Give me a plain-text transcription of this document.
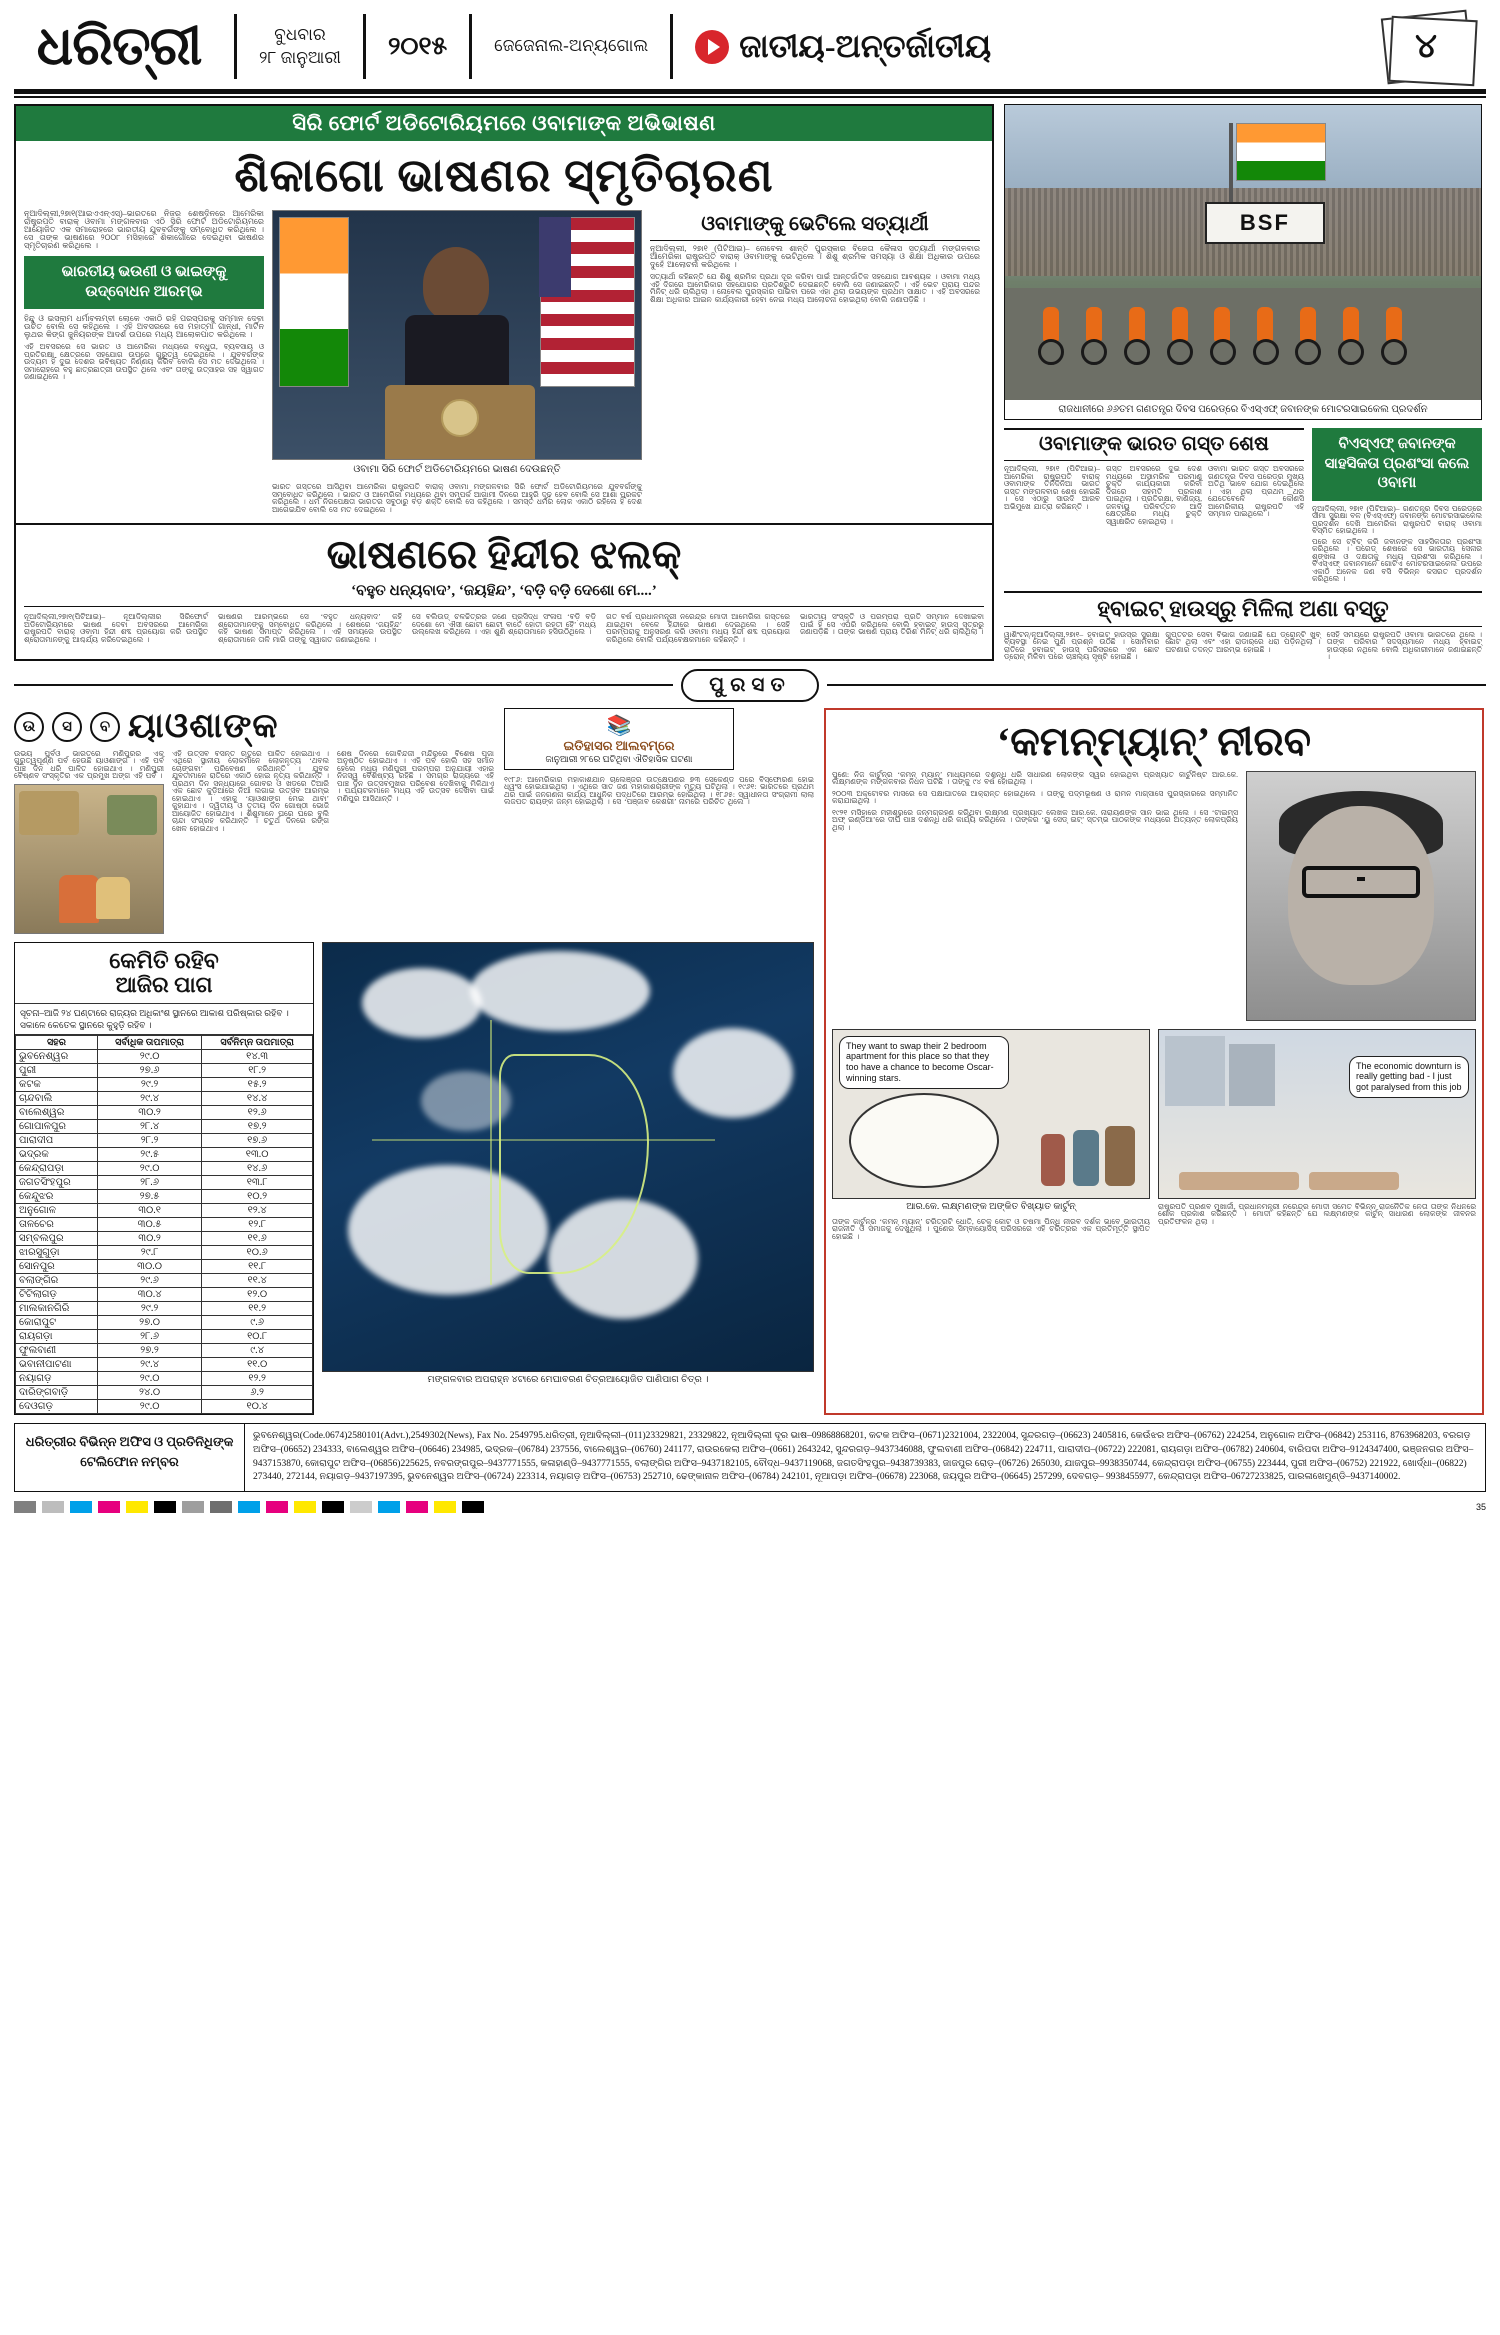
ଧରିତ୍ରୀ	ବୁଧବାର
୨୮ ଜାନୁଆରୀ ୨୦୧୫	ଜେଜେନାଲ-ଅନ୍ୟଗୋଲ	ଜାତୀୟ-ଅନ୍ତର୍ଜାତୀୟ	୪
ସିରି ଫୋର୍ଟ ଅଡିଟୋରିୟମରେ ଓବାମାଙ୍କ ଅଭିଭାଷଣ
ଶିକାଗୋ ଭାଷଣର ସ୍ମୃତିଚାରଣ
ନୂଆଦିଲ୍ଲୀ,୨୭ା୧(ଆଇଏଏନ୍ଏସ୍)–ଭାରତରେ ନିଜର ଶେଷଦିନରେ ଆମେରିକା ରାଷ୍ଟ୍ରପତି ବାରାକ୍ ଓବାମା ମଙ୍ଗଳବାର ଏଠି ସିରି ଫୋର୍ଟ ଅଡିଟୋରିୟମରେ ଆୟୋଜିତ ଏକ ସମାରୋହରେ ଭାରତୀୟ ଯୁବବର୍ଗଙ୍କୁ ସମ୍ବୋଧିତ କରିଥିଲେ । ସେ ତାଙ୍କ ଭାଷଣରେ ୨୦୦୮ ମସିହାରେ ଶିକାଗୋରେ ଦେଇଥିବା ଭାଷଣର ସ୍ମୃତିଚାରଣ କରିଥିଲେ ।
ଭାରତୀୟ ଭଉଣୀ ଓ ଭାଇଙ୍କୁ ଉଦ୍‌ବୋଧନ ଆରମ୍ଭ
ହିନ୍ଦୁ ଓ ଇସଲାମ ଧର୍ମାବଲମ୍ବୀ ଲୋକେ ଏକାଠି ରହି ପରସ୍ପରକୁ ସମ୍ମାନ ଦେବା ଉଚିତ ବୋଲି ସେ କହିଥିଲେ । ଏହି ଅବସରରେ ସେ ମହାତ୍ମା ଗାନ୍ଧୀ, ମାର୍ଟିନ ଲୁଥର କିଙ୍ଗ ଜୁନିୟରଙ୍କ ଆଦର୍ଶ ଉପରେ ମଧ୍ୟ ଆଲୋକପାତ କରିଥିଲେ ।
ଏହି ଅବସରରେ ସେ ଭାରତ ଓ ଆମେରିକା ମଧ୍ୟରେ ବନ୍ଧୁତା, ବ୍ୟବସାୟ ଓ ପ୍ରତିରକ୍ଷା କ୍ଷେତ୍ରରେ ସହଯୋଗ ଉପରେ ଗୁରୁତ୍ୱ ଦେଇଥିଲେ । ଯୁବବର୍ଗଙ୍କ ଉଦ୍ୟମ ହିଁ ଦୁଇ ଦେଶର ଭବିଷ୍ୟତ ନିର୍ଣ୍ଣୟ କରିବ ବୋଲି ସେ ମତ ଦେଇଥିଲେ । ସମାରୋହରେ ବହୁ ଛାତ୍ରଛାତ୍ରୀ ଉପସ୍ଥିତ ଥିଲେ ଏବଂ ତାଙ୍କୁ ଉତ୍ସାହର ସହ ସ୍ୱାଗତ ଜଣାଇଥିଲେ ।
ଓବାମା ସିରି ଫୋର୍ଟ ଅଡିଟୋରିୟମରେ ଭାଷଣ ଦେଉଛନ୍ତି
ଭାରତ ଗସ୍ତରେ ଆସିଥିବା ଆମେରିକା ରାଷ୍ଟ୍ରପତି ବାରାକ୍ ଓବାମା ମଙ୍ଗଳବାର ସିରି ଫୋର୍ଟ ଅଡିଟୋରିୟମରେ ଯୁବବର୍ଗଙ୍କୁ ସମ୍ବୋଧିତ କରିଥିଲେ । ଭାରତ ଓ ଆମେରିକା ମଧ୍ୟରେ ଥିବା ସମ୍ପର୍କ ଆଗାମୀ ଦିନରେ ଆହୁରି ଦୃଢ଼ ହେବ ବୋଲି ସେ ଆଶା ପ୍ରକଟ କରିଥିଲେ । ଧର୍ମ ନିରପେକ୍ଷତା ଭାରତର ସବୁଠାରୁ ବଡ଼ ଶକ୍ତି ବୋଲି ସେ କହିଥିଲେ । ସମସ୍ତ ଧର୍ମର ଲୋକ ଏକାଠି ରହିଲେ ହିଁ ଦେଶ ଆଗେଇଯିବ ବୋଲି ସେ ମତ ଦେଇଥିଲେ ।
ଓବାମାଙ୍କୁ ଭେଟିଲେ ସତ୍ୟାର୍ଥୀ
ନୂଆଦିଲ୍ଲୀ, ୨୭ା୧ (ପିଟିଆଇ)– ନୋବେଲ ଶାନ୍ତି ପୁରସ୍କାର ବିଜେତା କୈଳାସ ସତ୍ୟାର୍ଥୀ ମଙ୍ଗଳବାର ଆମେରିକା ରାଷ୍ଟ୍ରପତି ବାରାକ୍ ଓବାମାଙ୍କୁ ଭେଟିଥିଲେ । ଶିଶୁ ଶ୍ରମିକ ସମସ୍ୟା ଓ ଶିକ୍ଷା ଅଧିକାର ଉପରେ ଦୁହେଁ ଆଲୋଚନା କରିଥିଲେ ।
ସତ୍ୟାର୍ଥୀ କହିଛନ୍ତି ଯେ ଶିଶୁ ଶ୍ରମିକ ପ୍ରଥା ଦୂର କରିବା ପାଇଁ ଆନ୍ତର୍ଜାତିକ ସହଯୋଗ ଆବଶ୍ୟକ । ଓବାମା ମଧ୍ୟ ଏହି ଦିଗରେ ଆମେରିକାର ସହଯୋଗର ପ୍ରତିଶ୍ରୁତି ଦେଇଛନ୍ତି ବୋଲି ସେ ଜଣାଇଛନ୍ତି । ଏହି ଭେଟ ପ୍ରାୟ ପନ୍ଦର ମିନିଟ୍ ଧରି ଚାଲିଥିଲା । ନୋବେଲ ପୁରସ୍କାର ପାଇବା ପରେ ଏହା ଥିଲା ଉଭୟଙ୍କ ପ୍ରଥମ ସାକ୍ଷାତ । ଏହି ଅବସରରେ ଶିକ୍ଷା ଅଧିକାର ଆଇନ କାର୍ଯ୍ୟକାରୀ ହେବା ନେଇ ମଧ୍ୟ ଆଲୋଚନା ହୋଇଥିଲା ବୋଲି ଜଣାପଡ଼ିଛି ।
ଭାଷଣରେ ହିନ୍ଦୀର ଝଲକ୍
‘ବହୁତ ଧନ୍ୟବାଦ’, ‘ଜୟହିନ୍ଦ’, ‘ବଡ଼ି ବଡ଼ି ଦେଶୋ ମେ....’
ନୂଆଦିଲ୍ଲୀ,୨୭ା୧(ପିଟିଆଇ)– ନୂଆଦିଲ୍ଲୀର ସିରିଫୋର୍ଟ ଅଡିଟୋରିୟମରେ ଭାଷଣ ଦେବା ଅବସରରେ ଆମେରିକା ରାଷ୍ଟ୍ରପତି ବାରାକ୍ ଓବାମା ହିନ୍ଦୀ ଶବ୍ଦ ପ୍ରୟୋଗ କରି ଉପସ୍ଥିତ ଶ୍ରୋତାମାନଙ୍କୁ ଆଶ୍ଚର୍ଯ୍ୟ କରିଦେଇଥିଲେ ।
ଭାଷଣର ଆରମ୍ଭରେ ସେ ‘ବହୁତ ଧନ୍ୟବାଦ’ କହି ଶ୍ରୋତାମାନଙ୍କୁ ସମ୍ବୋଧିତ କରିଥିଲେ । ଶେଷରେ ‘ଜୟହିନ୍ଦ’ କହି ଭାଷଣ ସମାପ୍ତ କରିଥିଲେ । ଏହି ସମୟରେ ଉପସ୍ଥିତ ଶ୍ରୋତାମାନେ ତାଳି ମାରି ତାଙ୍କୁ ସ୍ୱାଗତ ଜଣାଇଥିଲେ ।
ସେ ବଲିଉଡ୍ ଚଳଚ୍ଚିତ୍ରର ଜଣେ ପ୍ରସିଦ୍ଧ ସଂଳାପ ‘ବଡ଼ି ବଡ଼ି ଦେଶୋ ମେ ଐସୀ ଛୋଟୀ ଛୋଟୀ ବାତେଁ ହୋତୀ ରହତୀ ହୈ’ ମଧ୍ୟ ଉଲ୍ଲେଖ କରିଥିଲେ । ଏହା ଶୁଣି ଶ୍ରୋତାମାନେ ହସିଉଠିଥିଲେ ।
ଗତ ବର୍ଷ ପ୍ରଧାନମନ୍ତ୍ରୀ ନରେନ୍ଦ୍ର ମୋଦୀ ଆମେରିକା ଗସ୍ତରେ ଯାଇଥିବା ବେଳେ ହିନ୍ଦୀରେ ଭାଷଣ ଦେଇଥିଲେ । ସେହି ପରମ୍ପରାକୁ ଅନୁସରଣ କରି ଓବାମା ମଧ୍ୟ ହିନ୍ଦୀ ଶବ୍ଦ ପ୍ରୟୋଗ କରିଥିଲେ ବୋଲି ପର୍ଯ୍ୟବେକ୍ଷକମାନେ କହିଛନ୍ତି ।
ଭାରତୀୟ ସଂସ୍କୃତି ଓ ପରମ୍ପରା ପ୍ରତି ସମ୍ମାନ ଦେଖାଇବା ପାଇଁ ହିଁ ସେ ଏପରି କରିଥିଲେ ବୋଲି ହ୍ବାଇଟ୍ ହାଉସ୍ ସୂତ୍ରରୁ ଜଣାପଡ଼ିଛି । ତାଙ୍କ ଭାଷଣ ପ୍ରାୟ ତିରିଶ ମିନିଟ୍ ଧରି ଚାଲିଥିଲା ।
BSF
ରାଜଧାନୀରେ ୬୬ତମ ଗଣତନ୍ତ୍ର ଦିବସ ପରେଡ୍‌ରେ ବିଏସ୍‌ଏଫ୍ ଜବାନଙ୍କ ମୋଟରସାଇକେଲ ପ୍ରଦର୍ଶନ
ଓବାମାଙ୍କ ଭାରତ ଗସ୍ତ ଶେଷ
ନୂଆଦିଲ୍ଲୀ, ୨୭ା୧ (ପିଟିଆଇ)– ଆମେରିକା ରାଷ୍ଟ୍ରପତି ବାରାକ୍ ଓବାମାଙ୍କ ତିନିଦିନିଆ ଭାରତ ଗସ୍ତ ମଙ୍ଗଳବାର ଶେଷ ହୋଇଛି । ସେ ଏଠାରୁ ସାଉଦି ଆରବ ଅଭିମୁଖେ ଯାତ୍ରା କରିଛନ୍ତି ।
ଗସ୍ତ ଅବସରରେ ଦୁଇ ଦେଶ ମଧ୍ୟରେ ଅସାମରିକ ପରମାଣୁ ଚୁକ୍ତି କାର୍ଯ୍ୟକାରୀ କରିବା ଦିଗରେ ସହମତି ପ୍ରକାଶ ପାଇଥିଲା । ପ୍ରତିରକ୍ଷା, ବାଣିଜ୍ୟ, ଜଳବାୟୁ ପରିବର୍ତ୍ତନ ଆଦି କ୍ଷେତ୍ରରେ ମଧ୍ୟ ଚୁକ୍ତି ସ୍ୱାକ୍ଷରିତ ହୋଇଥିଲା ।
ଓବାମା ଭାରତ ଗସ୍ତ ଅବସରରେ ଗଣତନ୍ତ୍ର ଦିବସ ପରେଡ୍‌ର ମୁଖ୍ୟ ଅତିଥି ଭାବେ ଯୋଗ ଦେଇଥିଲେ । ଏହା ଥିଲା ପ୍ରଥମ ଥର ଯେତେବେଳେ କୌଣସି ଆମେରିକୀୟ ରାଷ୍ଟ୍ରପତି ଏହି ସମ୍ମାନ ପାଇଥିଲେ ।
ବିଏସ୍‌ଏଫ୍ ଜବାନଙ୍କ ସାହସିକତା ପ୍ରଶଂସା କଲେ ଓବାମା
ନୂଆଦିଲ୍ଲୀ, ୨୭ା୧ (ପିଟିଆଇ)– ଗଣତନ୍ତ୍ର ଦିବସ ପରେଡ୍‌ରେ ସୀମା ସୁରକ୍ଷା ବଳ (ବିଏସ୍‌ଏଫ୍) ଜବାନଙ୍କ ମୋଟରସାଇକେଲ ପ୍ରଦର୍ଶନ ଦେଖି ଆମେରିକା ରାଷ୍ଟ୍ରପତି ବାରାକ୍ ଓବାମା ବିସ୍ମିତ ହୋଇଥିଲେ ।
ପରେ ସେ ଟ୍ବିଟ୍ କରି ଜବାନଙ୍କ ସାହସିକତାର ପ୍ରଶଂସା କରିଥିଲେ । ପରେଡ୍ ଶେଷରେ ସେ ଭାରତୀୟ ସେନାର ଶୃଙ୍ଖଳା ଓ ଦକ୍ଷତାକୁ ମଧ୍ୟ ପ୍ରଶଂସା କରିଥିଲେ । ବିଏସ୍‌ଏଫ୍ ଜବାନମାନେ ଗୋଟିଏ ମୋଟରସାଇକେଲ ଉପରେ ଏକାଠି ଅନେକ ଜଣ ବସି ବିଭିନ୍ନ କସରତ ପ୍ରଦର୍ଶନ କରିଥିଲେ ।
ହ୍ବାଇଟ୍ ହାଉସ୍‌ରୁ ମିଳିଲା ଅଣା ବସ୍ତୁ
ୱାଶିଂଟନ୍/ନୂଆଦିଲ୍ଲୀ,୨୭ା୧– ହ୍ବାଇଟ୍ ହାଉସ୍‌ର ସୁରକ୍ଷା ବ୍ୟବସ୍ଥା ନେଇ ପୁଣି ପ୍ରଶ୍ନ ଉଠିଛି । ସୋମବାର ରାତିରେ ହ୍ବାଇଟ୍ ହାଉସ୍ ପରିସରରେ ଏକ ଛୋଟ ଡ୍ରୋନ୍ ମିଳିବା ପରେ ଚାଞ୍ଚଲ୍ୟ ସୃଷ୍ଟି ହୋଇଛି ।
ଗୁପ୍ତଚର ସେବା ବିଭାଗ ଜଣାଇଛି ଯେ ଡ୍ରୋନ୍‌ଟି ଖୁବ୍ ଛୋଟ ଥିଲା ଏବଂ ଏହା ରାଡାର୍‌ରେ ଧରା ପଡ଼ିନଥିଲା । ଘଟଣାର ତଦନ୍ତ ଆରମ୍ଭ ହୋଇଛି ।
ସେହି ସମୟରେ ରାଷ୍ଟ୍ରପତି ଓବାମା ଭାରତରେ ଥିଲେ । ତାଙ୍କ ପରିବାର ସଦସ୍ୟମାନେ ମଧ୍ୟ ହ୍ବାଇଟ୍ ହାଉସ୍‌ରେ ନଥିଲେ ବୋଲି ଅଧିକାରୀମାନେ ଜଣାଇଛନ୍ତି ।
ପୁରସତ
ଉ	ସ	ବ ୟାଓଶାଙ୍କ
ଉଭୟ ପୂର୍ବଓ ଭାରତରେ ମଣିପୁରର ଏକ ଗୁରୁତ୍ୱପୂର୍ଣ୍ଣ ପର୍ବ ହେଉଛି ୟାଓଶାଙ୍ଗ । ଏହି ପର୍ବ ପାଞ୍ଚ ଦିନ ଧରି ପାଳିତ ହୋଇଥାଏ । ମଣିପୁରୀ ବୈଷ୍ଣବ ସଂସ୍କୃତିର ଏକ ପ୍ରମୁଖ ଅଙ୍ଗ ଏହି ପର୍ବ ।
ଏହି ଉତ୍ସବ ବସନ୍ତ ଋତୁରେ ପାଳିତ ହୋଇଥାଏ । ଏଥିରେ ସ୍ଥାନୀୟ ଲୋକମାନେ ଲୋକନୃତ୍ୟ ‘ଥବଲ ଚୋଙ୍ଗବା’ ପରିବେଷଣ କରିଥାନ୍ତି । ଯୁବକ ଯୁବତୀମାନେ ରାତିରେ ଏକାଠି ହୋଇ ନୃତ୍ୟ କରିଥାନ୍ତି । ପ୍ରଥମ ଦିନ ସନ୍ଧ୍ୟାରେ ଗୋବର ଓ ଖଡ଼ରେ ତିଆରି ଏକ ଛୋଟ କୁଡ଼ିଆରେ ନିଆଁ ଲଗାଇ ଉତ୍ସବ ଆରମ୍ଭ ହୋଇଥାଏ । ଏହାକୁ ‘ୟାଓଶାଙ୍ଗ ମେଇ ଥାବା’ କୁହାଯାଏ । ଦ୍ୱିତୀୟ ଓ ତୃତୀୟ ଦିନ ଗୋଷ୍ଠୀ ଭୋଜି ଆୟୋଜିତ ହୋଇଥାଏ । ଶିଶୁମାନେ ଘରେ ଘରେ ବୁଲି ଚାନ୍ଦା ସଂଗ୍ରହ କରିଥାନ୍ତି । ଚତୁର୍ଥ ଦିନରେ ରଙ୍ଗ ଖେଳ ହୋଇଥାଏ ।
ଶେଷ ଦିନରେ ଗୋବିନ୍ଦଜୀ ମନ୍ଦିରରେ ବିଶେଷ ପୂଜା ଅନୁଷ୍ଠିତ ହୋଇଥାଏ । ଏହି ପର୍ବ ହୋଲି ସହ ସମାନ ହେଲେ ମଧ୍ୟ ମଣିପୁରୀ ପରମ୍ପରା ଅନୁଯାୟୀ ଏହାର ନିଜସ୍ୱ ବୈଶିଷ୍ଟ୍ୟ ରହିଛି । ସମଗ୍ର ରାଜ୍ୟରେ ଏହି ପାଞ୍ଚ ଦିନ ଉତ୍ସବମୁଖର ପରିବେଶ ଦେଖିବାକୁ ମିଳିଥାଏ । ପର୍ଯ୍ୟଟକମାନେ ମଧ୍ୟ ଏହି ଉତ୍ସବ ଦେଖିବା ପାଇଁ ମଣିପୁର ଆସିଥାନ୍ତି ।
📚
ଇତିହାସର ଆଲବମ୍‌ରେ
ଜାନୁଆରୀ ୨୮ରେ ଘଟିଥିବା ଐତିହାସିକ ଘଟଣା
୧୯୮୬: ଆମେରିକାର ମହାକାଶଯାନ ଚାଲେଞ୍ଜର ଉତ୍‌କ୍ଷେପଣର ୭୩ ସେକେଣ୍ଡ ପରେ ବିସ୍ଫୋରଣ ହୋଇ ଧ୍ୱଂସ ହୋଇଯାଇଥିଲା । ଏଥିରେ ସାତ ଜଣ ମହାକାଶଚାରୀଙ୍କ ମୃତ୍ୟୁ ଘଟିଥିଲା । ୧୯୬୧: ଭାରତରେ ପ୍ରଥମ ଥର ପାଇଁ ଜନଗଣନା କାର୍ଯ୍ୟ ଆଧୁନିକ ପଦ୍ଧତିରେ ଆରମ୍ଭ ହୋଇଥିଲା । ୧୮୬୫: ସ୍ୱାଧୀନତା ସଂଗ୍ରାମୀ ଲାଲା ଲଜପତ ରାୟଙ୍କ ଜନ୍ମ ହୋଇଥିଲା । ସେ ‘ପଞ୍ଜାବ କେଶରୀ’ ନାମରେ ପରିଚିତ ଥିଲେ ।
କେମିତି ରହିବ
ଆଜିର ପାଗ
ସୂଚନା–ଆଜି ୨୪ ଘଣ୍ଟାରେ ରାଜ୍ୟର ଅଧିକାଂଶ ସ୍ଥାନରେ ଆକାଶ ପରିଷ୍କାର ରହିବ । ସକାଳେ କେତେକ ସ୍ଥାନରେ କୁହୁଡ଼ି ରହିବ ।
ସହର	ସର୍ବାଧିକ ତାପମାତ୍ରା	ସର୍ବନିମ୍ନ ତାପମାତ୍ରା
ଭୁବନେଶ୍ୱର	୨୯.୦	୧୪.୩
ପୁରୀ	୨୭.୬	୧୮.୨
କଟକ	୨୯.୨	୧୫.୨
ଚାନ୍ଦବାଲି	୨୯.୪	୧୪.୪
ବାଲେଶ୍ୱର	୩୦.୨	୧୨.୬
ଗୋପାଳପୁର	୨୮.୪	୧୭.୨
ପାରାଦୀପ	୨୮.୨	୧୭.୬
ଭଦ୍ରକ	୨୯.୫	୧୩.୦
କେନ୍ଦ୍ରାପଡ଼ା	୨୯.୦	୧୪.୬
ଜଗତସିଂହପୁର	୨୮.୬	୧୩.୮
କେନ୍ଦୁଝର	୨୭.୫	୧୦.୨
ଅନୁଗୋଳ	୩୦.୧	୧୨.୪
ତାଳଚେର	୩୦.୫	୧୨.୮
ସମ୍ବଲପୁର	୩୦.୨	୧୧.୬
ଝାରସୁଗୁଡ଼ା	୨୯.୮	୧୦.୬
ସୋନପୁର	୩୦.୦	୧୧.୮
ବଲାଙ୍ଗିର	୨୯.୬	୧୧.୪
ଟିଟିଲାଗଡ଼	୩୦.୪	୧୨.୦
ମାଲକାନଗିରି	୨୯.୨	୧୧.୨
କୋରାପୁଟ	୨୭.୦	୯.୬
ରାୟଗଡ଼ା	୨୮.୬	୧୦.୮
ଫୁଲବାଣୀ	୨୭.୨	୯.୪
ଭବାନୀପାଟଣା	୨୯.୪	୧୧.୦
ନୟାଗଡ଼	୨୯.୦	୧୨.୨
ଦାରିଙ୍ଗବାଡ଼ି	୨୪.୦	୬.୨
ଦେଓଗଡ଼	୨୯.୦	୧୦.୪
ମଙ୍ଗଳବାର ଅପରାହ୍ନ ୪ଟାରେ ମେଘାବରଣ ଚିତ୍ରଆୟୋଜିତ ପାଣିପାଗ ଚିତ୍ର ।
‘କମନ୍‌ମ୍ୟାନ୍’ ନୀରବ
ପୁଣେ: ନିଜ କାର୍ଟୁନ୍‌ର ‘କମନ୍ ମ୍ୟାନ୍’ ମାଧ୍ୟମରେ ଦଶନ୍ଧି ଧରି ସାଧାରଣ ଲୋକଙ୍କ ସ୍ୱର ହୋଇଥିବା ପ୍ରଖ୍ୟାତ କାର୍ଟୁନିଷ୍ଟ ଆର.କେ. ଲକ୍ଷ୍ମଣଙ୍କ ମଙ୍ଗଳବାର ନିଧନ ଘଟିଛି । ତାଙ୍କୁ ୯୪ ବର୍ଷ ହୋଇଥିଲା ।
୨୦୦୩ ଅକ୍ଟୋବର ମାସରେ ସେ ପକ୍ଷାଘାତରେ ଆକ୍ରାନ୍ତ ହୋଇଥିଲେ । ତାଙ୍କୁ ପଦ୍ମଭୂଷଣ ଓ ରାମନ ମାଗ୍‌ସାସେ ପୁରସ୍କାରରେ ସମ୍ମାନିତ କରାଯାଇଥିଲା ।
୧୯୨୧ ମସିହାରେ ମହୀଶୂରରେ ଜନ୍ମଗ୍ରହଣ କରିଥିବା ଲକ୍ଷ୍ମଣ ପ୍ରଖ୍ୟାତ ଲେଖକ ଆର.କେ. ନାରାୟଣଙ୍କ ସାନ ଭାଇ ଥିଲେ । ସେ ‘ଟାଇମ୍ସ ଅଫ୍ ଇଣ୍ଡିଆ’ରେ ଦୀର୍ଘ ପାଞ୍ଚ ଦଶନ୍ଧି ଧରି କାର୍ଯ୍ୟ କରିଥିଲେ । ତାଙ୍କର ‘ୟୁ ସେଡ୍ ଇଟ୍’ ସ୍ତମ୍ଭ ପାଠକଙ୍କ ମଧ୍ୟରେ ଅତ୍ୟନ୍ତ ଲୋକପ୍ରିୟ ଥିଲା ।
They want to swap their 2 bedroom apartment for this place so that they too have a chance to become Oscar-winning stars.
ଆର.କେ. ଲକ୍ଷ୍ମଣଙ୍କ ଅଙ୍କିତ ବିଖ୍ୟାତ କାର୍ଟୁନ୍
ତାଙ୍କ କାର୍ଟୁନ୍‌ର ‘କମନ୍ ମ୍ୟାନ୍’ ଚରିତ୍ରଟି ଧୋତି, ଚେକ୍ କୋଟ ଓ ଚଷମା ପିନ୍ଧି ନୀରବ ଦର୍ଶକ ଭାବେ ଭାରତୀୟ ରାଜନୀତି ଓ ସମାଜକୁ ଦେଖୁଥିଲା । ପୁଣେର ସିମ୍ବାୟୋସିସ୍ ପରିସରରେ ଏହି ଚରିତ୍ରର ଏକ ପ୍ରତିମୂର୍ତ୍ତି ସ୍ଥାପିତ ହୋଇଛି ।
The economic downturn is really getting bad - I just got paralysed from this job
ରାଷ୍ଟ୍ରପତି ପ୍ରଣବ ମୁଖାର୍ଜୀ, ପ୍ରଧାନମନ୍ତ୍ରୀ ନରେନ୍ଦ୍ର ମୋଦୀ ସମେତ ବିଭିନ୍ନ ରାଜନୈତିକ ନେତା ତାଙ୍କ ନିଧନରେ ଶୋକ ପ୍ରକାଶ କରିଛନ୍ତି । ମୋଦୀ କହିଛନ୍ତି ଯେ ଲକ୍ଷ୍ମଣଙ୍କ କାର୍ଟୁନ୍ ସାଧାରଣ ଲୋକଙ୍କ ଜୀବନର ପ୍ରତିଫଳନ ଥିଲା ।
ଧରିତ୍ରୀର ବିଭିନ୍ନ ଅଫିସ ଓ ପ୍ରତିନିଧିଙ୍କ ଟେଲିଫୋନ ନମ୍ବର
ଭୁବନେଶ୍ୱର(Code.0674)2580101(Advt.),2549302(News), Fax No. 2549795.ଧରିତ୍ରୀ, ନୂଆଦିଲ୍ଲୀ–(011)23329821, 23329822, ନୂଆଦିଲ୍ଲୀ ଦୂର ଭାଷ–09868868201, କଟକ ଅଫିସ–(0671)2321004, 2322004, ସୁନ୍ଦରଗଡ଼–(06623) 2405816, କେଉଁଝର ଅଫିସ–(06762) 224254, ଅନୁଗୋଳ ଅଫିସ–(06842) 253116, 8763968203, ବରଗଡ଼ ଅଫିସ–(06652) 234333, ବାଲେଶ୍ୱର ଅଫିସ–(06646) 234985, ଭଦ୍ରକ–(06784) 237556, ବାଲେଶ୍ୱର–(06760) 241177, ରାଉରକେଲା ଅଫିସ–(0661) 2643242, ସୁନ୍ଦରଗଡ଼–9437346088, ଫୁଲବାଣୀ ଅଫିସ–(06842) 224711, ପାରାଦୀପ–(06722) 222081, ରାୟଗଡ଼ା ଅଫିସ–(06782) 240604, ବାରିପଦା ଅଫିସ–9124347400, ଭଞ୍ଜନଗର ଅଫିସ–9437153870, କୋରାପୁଟ ଅଫିସ–(06856)225625, ନବରଙ୍ଗପୁର–9437771555, କଳାହାଣ୍ଡି–9437771555, ବଲାଙ୍ଗିର ଅଫିସ–9437182105, ବୌଦ୍ଧ–9437119068, ଜଗତସିଂହପୁର–9438739383, ଜାଜପୁର ରୋଡ଼–(06726) 265030, ଯାଜପୁର–9938350744, କେନ୍ଦ୍ରାପଡ଼ା ଅଫିସ–(06755) 223444, ପୁରୀ ଅଫିସ–(06752) 221922, ଖୋର୍ଦ୍ଧା–(06822) 273440, 272144, ନୟାଗଡ଼–9437197395, ଭୁବନେଶ୍ୱର ଅଫିସ–(06724) 223314, ନୟାଗଡ଼ ଅଫିସ–(06753) 252710, ଢେଙ୍କାନାଳ ଅଫିସ–(06784) 242101, ନୂଆପଡ଼ା ଅଫିସ–(06678) 223068, ଜୟପୁର ଅଫିସ–(06645) 257299, ଦେବଗଡ଼– 9938455977, କେନ୍ଦ୍ରାପଡ଼ା ଅଫିସ–06727233825, ପାରଳାଖେମୁଣ୍ଡି–9437140002.
35
